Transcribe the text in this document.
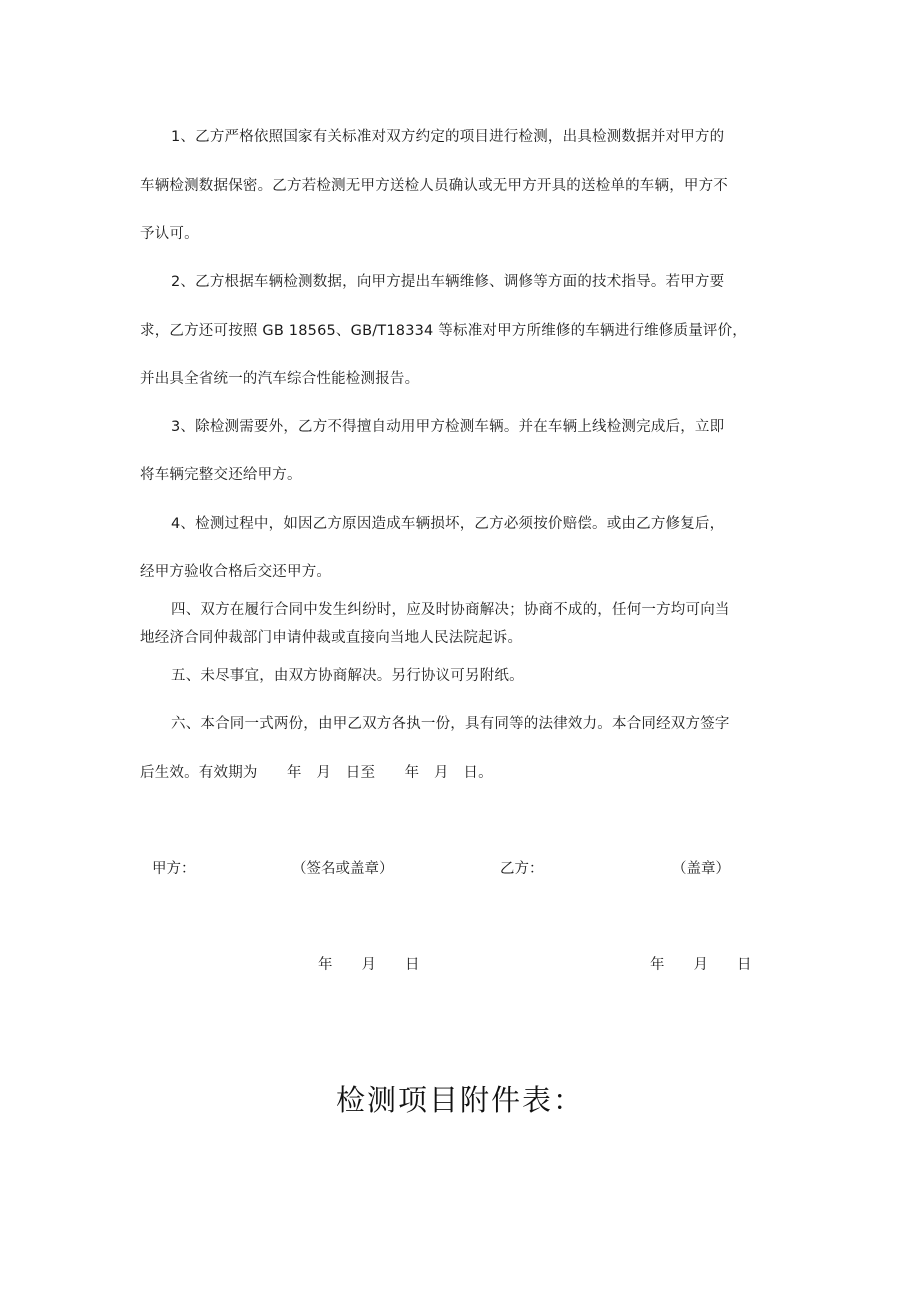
1、乙方严格依照国家有关标准对双方约定的项目进行检测，出具检测数据并对甲方的
车辆检测数据保密。乙方若检测无甲方送检人员确认或无甲方开具的送检单的车辆，甲方不
予认可。
2、乙方根据车辆检测数据，向甲方提出车辆维修、调修等方面的技术指导。若甲方要
求，乙方还可按照 GB 18565、GB/T18334 等标准对甲方所维修的车辆进行维修质量评价，
并出具全省统一的汽车综合性能检测报告。
3、除检测需要外，乙方不得擅自动用甲方检测车辆。并在车辆上线检测完成后，立即
将车辆完整交还给甲方。
4、检测过程中，如因乙方原因造成车辆损坏，乙方必须按价赔偿。或由乙方修复后，
经甲方验收合格后交还甲方。
四、双方在履行合同中发生纠纷时，应及时协商解决；协商不成的，任何一方均可向当
地经济合同仲裁部门申请仲裁或直接向当地人民法院起诉。
五、未尽事宜，由双方协商解决。另行协议可另附纸。
六、本合同一式两份，由甲乙双方各执一份，具有同等的法律效力。本合同经双方签字
后生效。有效期为　　年　月　日至　　年　月　日。
甲方：	（签名或盖章）	乙方：	（盖章）
年　　月　　日	年　　月　　日
检测项目附件表：
